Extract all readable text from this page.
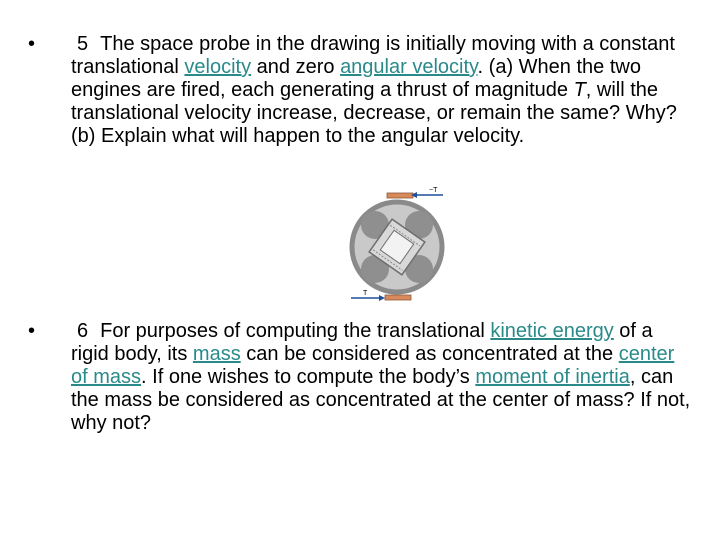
•	5 The space probe in the drawing is initially moving with a constant translational velocity and zero angular velocity. (a) When the two engines are fired, each generating a thrust of magnitude T, will the translational velocity increase, decrease, or remain the same? Why? (b) Explain what will happen to the angular velocity.
−T
T
•	6 For purposes of computing the translational kinetic energy of a rigid body, its mass can be considered as concentrated at the center of mass. If one wishes to compute the body’s moment of inertia, can the mass be considered as concentrated at the center of mass? If not, why not?
